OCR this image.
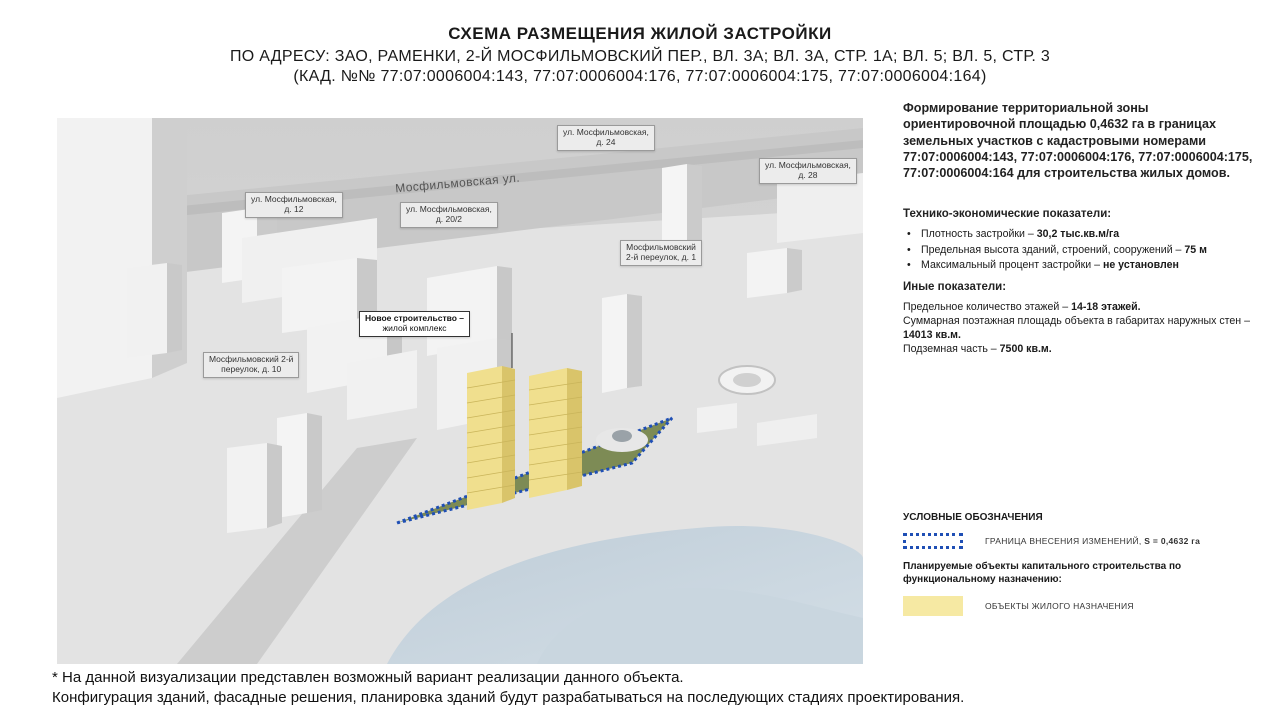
СХЕМА РАЗМЕЩЕНИЯ ЖИЛОЙ ЗАСТРОЙКИ
ПО АДРЕСУ: ЗАО, РАМЕНКИ, 2-Й МОСФИЛЬМОВСКИЙ ПЕР., ВЛ. 3А; ВЛ. 3А, СТР. 1А; ВЛ. 5; ВЛ. 5, СТР. 3
(КАД. №№ 77:07:0006004:143, 77:07:0006004:176, 77:07:0006004:175, 77:07:0006004:164)
Мосфильмовская ул.
ул. Мосфильмовская,
д. 24
ул. Мосфильмовская,
д. 28
ул. Мосфильмовская,
д. 12	ул. Мосфильмовская,
д. 20/2
Мосфильмовский
2-й переулок, д. 1
Мосфильмовский 2-й
переулок, д. 10
Новое строительство –
жилой комплекс
Формирование территориальной зоны ориентировочной площадью 0,4632 га в границах земельных участков с кадастровыми номерами 77:07:0006004:143, 77:07:0006004:176, 77:07:0006004:175, 77:07:0006004:164 для строительства жилых домов.
Технико-экономические показатели:
• Плотность застройки – 30,2 тыс.кв.м/га
• Предельная высота зданий, строений, сооружений – 75 м
• Максимальный процент застройки – не установлен
Иные показатели:
Предельное количество этажей – 14-18 этажей.
Суммарная поэтажная площадь объекта в габаритах наружных стен – 14013 кв.м.
Подземная часть – 7500 кв.м.
УСЛОВНЫЕ ОБОЗНАЧЕНИЯ
ГРАНИЦА ВНЕСЕНИЯ ИЗМЕНЕНИЙ, S = 0,4632 га
Планируемые объекты капитального строительства по функциональному назначению:
ОБЪЕКТЫ ЖИЛОГО НАЗНАЧЕНИЯ
* На данной визуализации представлен возможный вариант реализации данного объекта.
Конфигурация зданий, фасадные решения, планировка зданий будут разрабатываться на последующих стадиях проектирования.
